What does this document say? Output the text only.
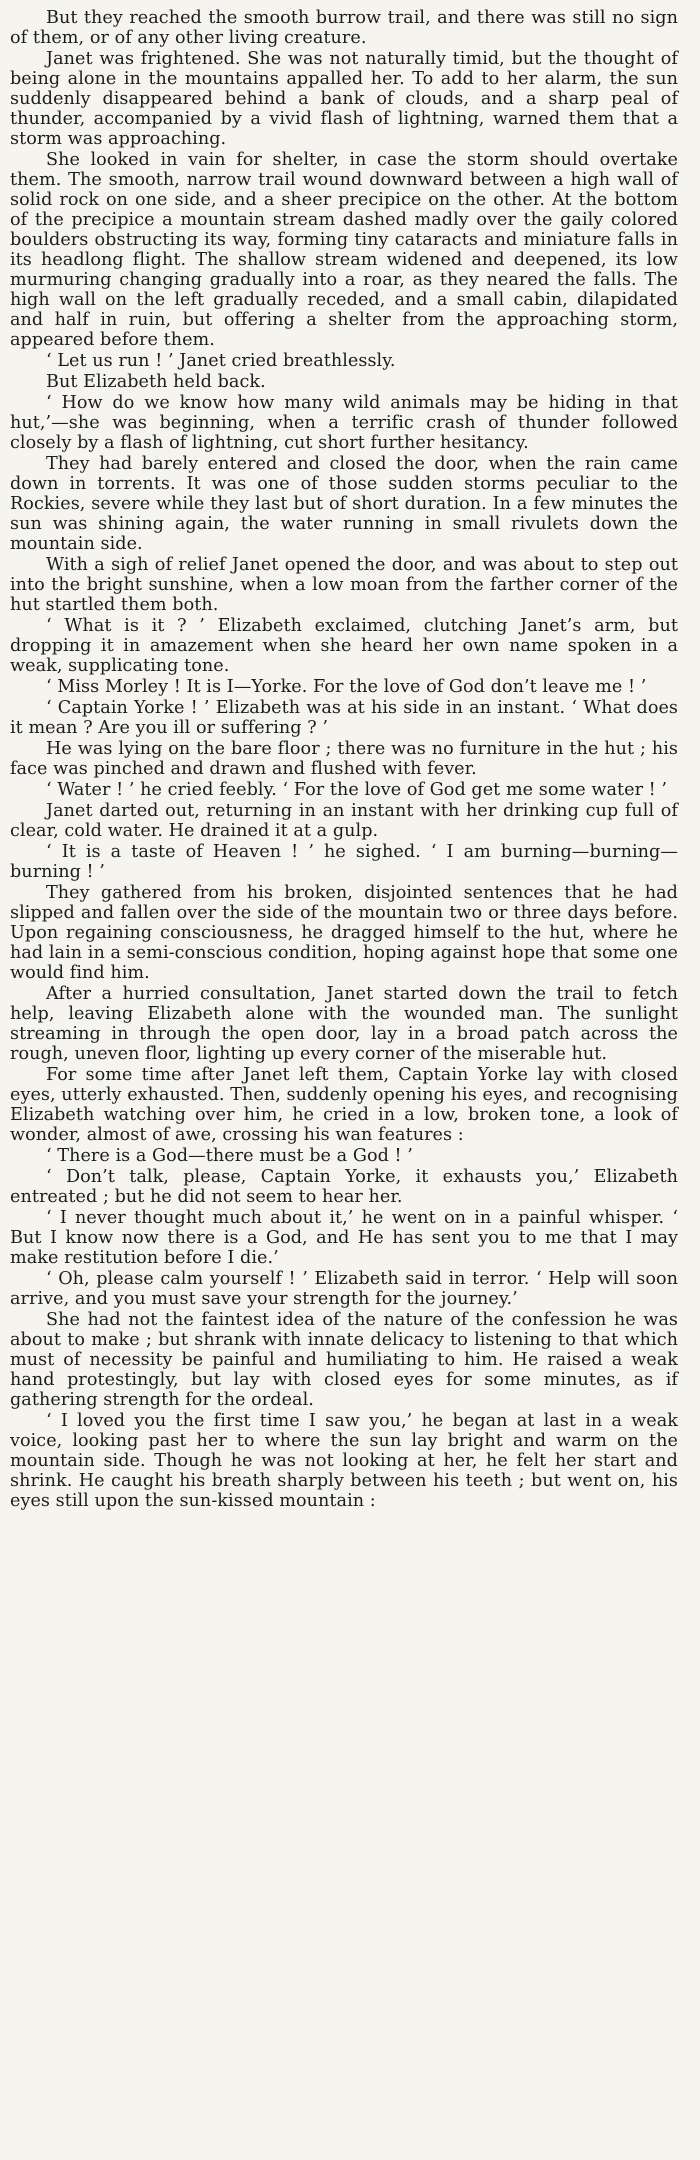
But they reached the smooth burrow trail, and there was still no sign of them, or of any other living creature.

Janet was frightened. She was not naturally timid, but the thought of being alone in the mountains appalled her. To add to her alarm, the sun suddenly disappeared behind a bank of clouds, and a sharp peal of thunder, accompanied by a vivid flash of lightning, warned them that a storm was approaching.

She looked in vain for shelter, in case the storm should overtake them. The smooth, narrow trail wound downward between a high wall of solid rock on one side, and a sheer precipice on the other. At the bottom of the precipice a mountain stream dashed madly over the gaily colored boulders obstructing its way, forming tiny cataracts and miniature falls in its headlong flight. The shallow stream widened and deepened, its low murmuring changing gradually into a roar, as they neared the falls. The high wall on the left gradually receded, and a small cabin, dilapidated and half in ruin, but offering a shelter from the approaching storm, appeared before them.

‘ Let us run ! ’ Janet cried breathlessly.

But Elizabeth held back.

‘ How do we know how many wild animals may be hiding in that hut,’—she was beginning, when a terrific crash of thunder followed closely by a flash of lightning, cut short further hesitancy.

They had barely entered and closed the door, when the rain came down in torrents. It was one of those sudden storms peculiar to the Rockies, severe while they last but of short duration. In a few minutes the sun was shining again, the water running in small rivulets down the mountain side.

With a sigh of relief Janet opened the door, and was about to step out into the bright sunshine, when a low moan from the farther corner of the hut startled them both.

‘ What is it ? ’ Elizabeth exclaimed, clutching Janet’s arm, but dropping it in amazement when she heard her own name spoken in a weak, supplicating tone.

‘ Miss Morley ! It is I—Yorke. For the love of God don’t leave me ! ’

‘ Captain Yorke ! ’ Elizabeth was at his side in an instant. ‘ What does it mean ? Are you ill or suffering ? ’

He was lying on the bare floor ; there was no furniture in the hut ; his face was pinched and drawn and flushed with fever.

‘ Water ! ’ he cried feebly. ‘ For the love of God get me some water ! ’

Janet darted out, returning in an instant with her drinking cup full of clear, cold water. He drained it at a gulp.

‘ It is a taste of Heaven ! ’ he sighed. ‘ I am burning—burning—burning ! ’

They gathered from his broken, disjointed sentences that he had slipped and fallen over the side of the mountain two or three days before. Upon regaining consciousness, he dragged himself to the hut, where he had lain in a semi-conscious condition, hoping against hope that some one would find him.

After a hurried consultation, Janet started down the trail to fetch help, leaving Elizabeth alone with the wounded man. The sunlight streaming in through the open door, lay in a broad patch across the rough, uneven floor, lighting up every corner of the miserable hut.

For some time after Janet left them, Captain Yorke lay with closed eyes, utterly exhausted. Then, suddenly opening his eyes, and recognising Elizabeth watching over him, he cried in a low, broken tone, a look of wonder, almost of awe, crossing his wan features :

‘ There is a God—there must be a God ! ’

‘ Don’t talk, please, Captain Yorke, it exhausts you,’ Elizabeth entreated ; but he did not seem to hear her.

‘ I never thought much about it,’ he went on in a painful whisper. ‘ But I know now there is a God, and He has sent you to me that I may make restitution before I die.’

‘ Oh, please calm yourself ! ’ Elizabeth said in terror. ‘ Help will soon arrive, and you must save your strength for the journey.’

She had not the faintest idea of the nature of the confession he was about to make ; but shrank with innate delicacy to listening to that which must of necessity be painful and humiliating to him. He raised a weak hand protestingly, but lay with closed eyes for some minutes, as if gathering strength for the ordeal.

‘ I loved you the first time I saw you,’ he began at last in a weak voice, looking past her to where the sun lay bright and warm on the mountain side. Though he was not looking at her, he felt her start and shrink. He caught his breath sharply between his teeth ; but went on, his eyes still upon the sun-kissed mountain :
